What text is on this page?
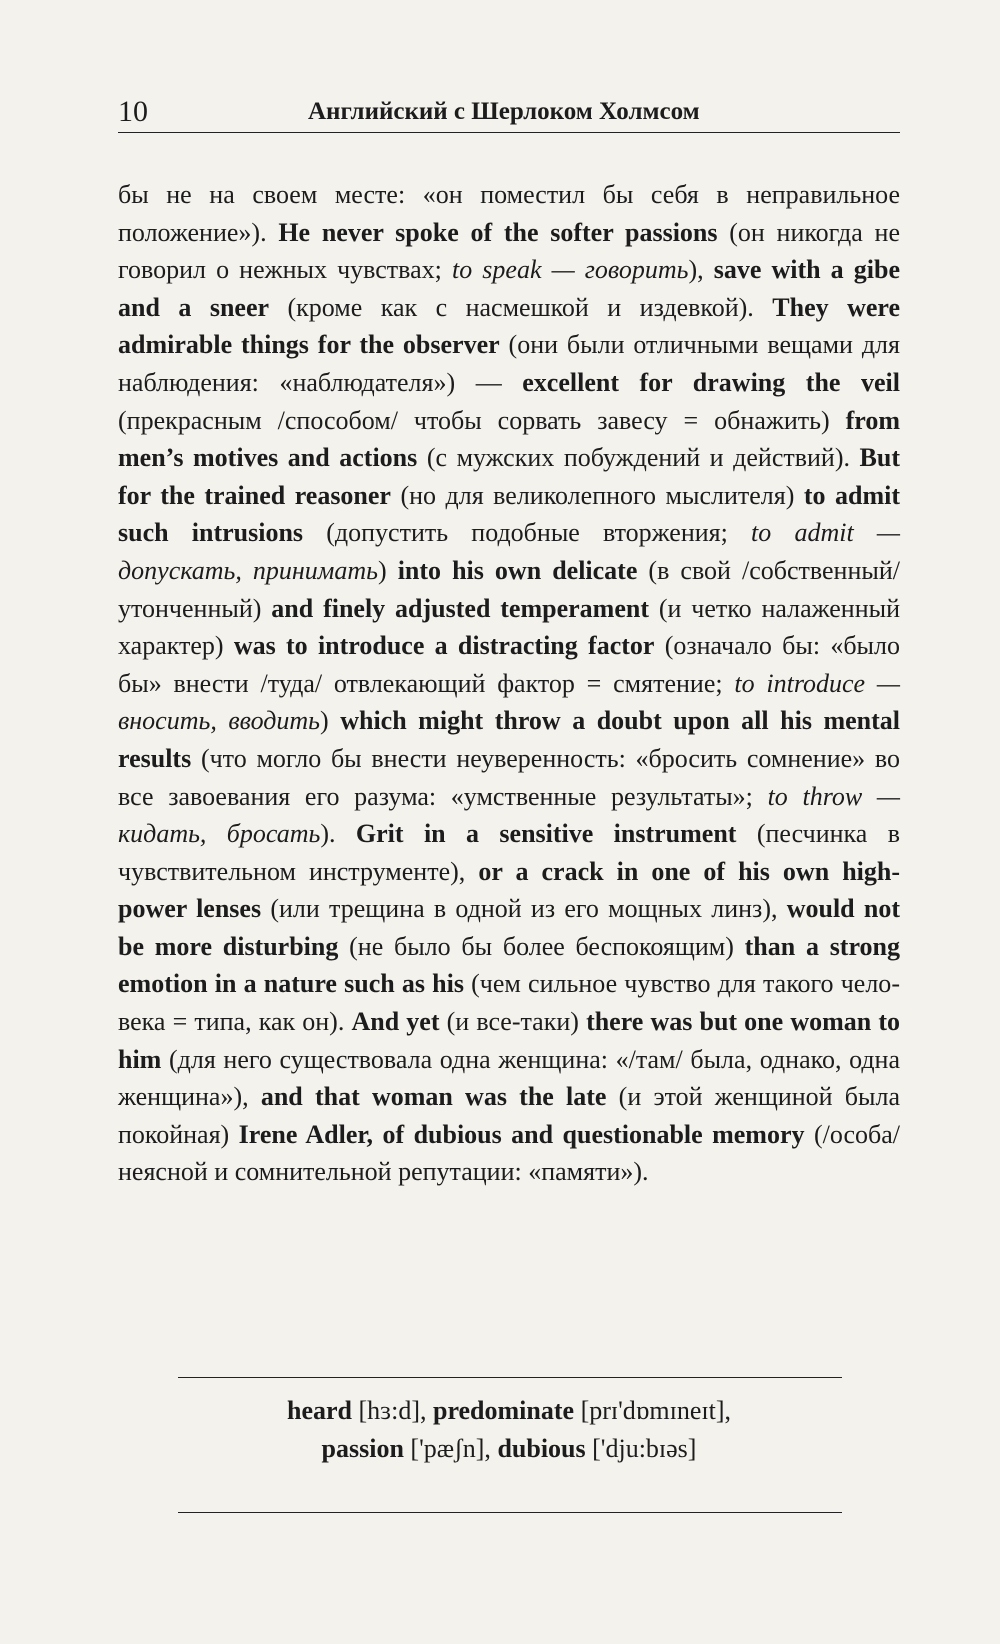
10	Английский с Шерлоком Холмсом

бы не на своем месте: «он поместил бы себя в неправильное положение»). He never spoke of the softer passions (он никогда не говорил о нежных чувствах; to speak — говорить), save with a gibe and a sneer (кроме как с насмешкой и издевкой). They were admirable things for the observer (они были отличными вещами для наблюдения: «наблюдателя») — excellent for drawing the veil (прекрасным /способом/ чтобы сорвать завесу = обнажить) from men’s motives and actions (с мужских побуждений и действий). But for the trained reasoner (но для великолепного мыслителя) to admit such intrusions (допустить подобные вторжения; to admit — допускать, принимать) into his own delicate (в свой /собственный/ утонченный) and finely adjusted temperament (и четко налаженный характер) was to introduce a distracting factor (означало бы: «было бы» внести /туда/ отвлекающий фактор = смятение; to introduce — вносить, вводить) which might throw a doubt upon all his mental results (что могло бы внести неуверенность: «бросить сомнение» во все завоевания его разума: «умственные результаты»; to throw — кидать, бросать). Grit in a sensitive instrument (песчинка в чувствительном инструменте), or a crack in one of his own high-power lenses (или трещина в одной из его мощных линз), would not be more disturbing (не было бы более беспокоящим) than a strong emotion in a nature such as his (чем сильное чувство для такого человека = типа, как он). And yet (и все-таки) there was but one woman to him (для него существовала одна женщина: «/там/ была, однако, одна женщина»), and that woman was the late (и этой женщиной была покойная) Irene Adler, of dubious and questionable memory (/особа/ неясной и сомнительной репутации: «памяти»).

heard [hɜ:d], predominate [prɪ'dɒmɪneɪt],
passion ['pæʃn], dubious ['dju:bɪəs]
